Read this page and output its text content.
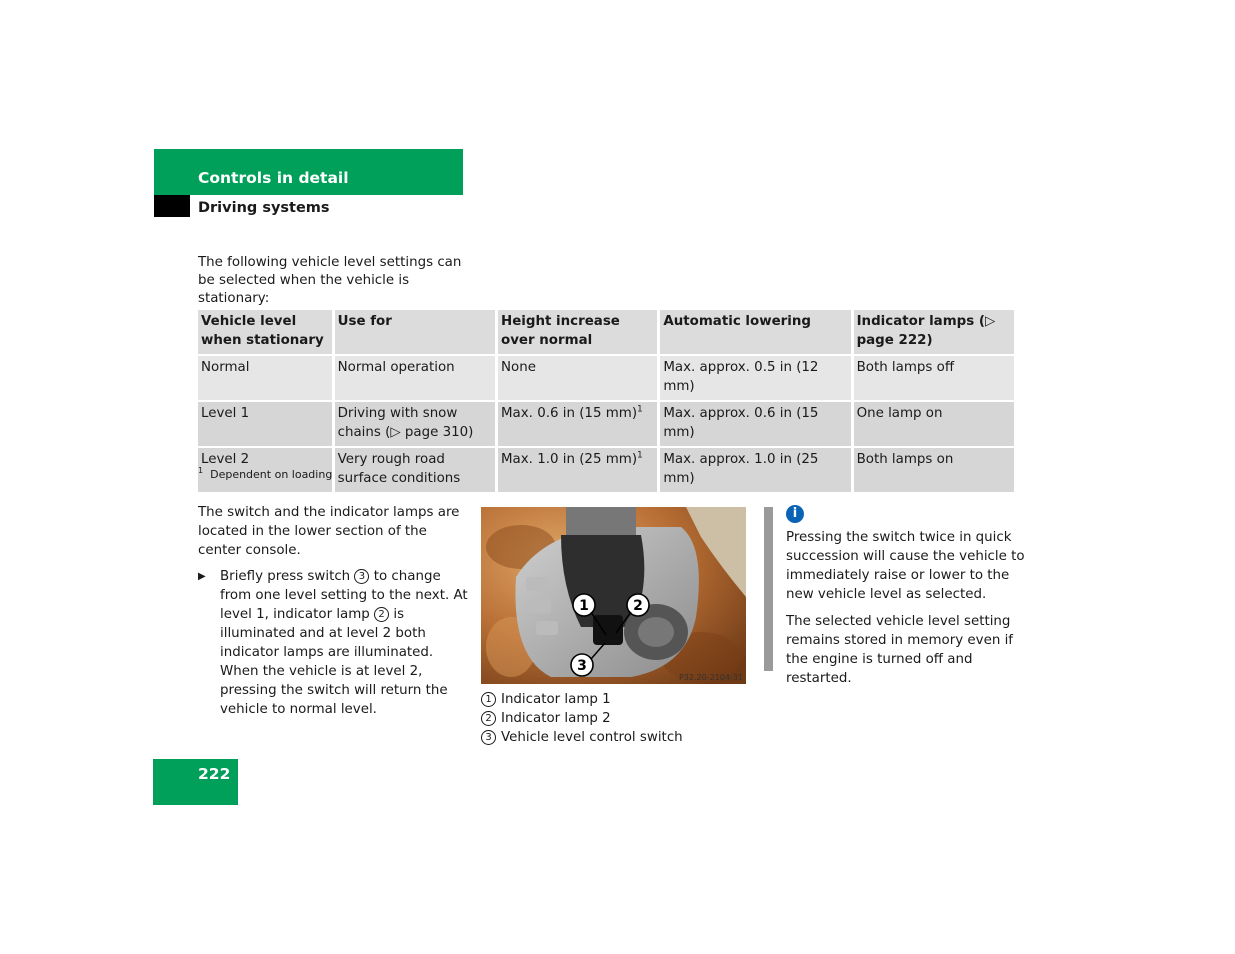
Controls in detail
Driving systems
The following vehicle level settings can be selected when the vehicle is stationary:
Vehicle level when stationary	Use for	Height increase over normal	Automatic lowering	Indicator lamps (▷ page 222)
Normal	Normal operation	None	Max. approx. 0.5 in (12 mm)	Both lamps off
Level 1	Driving with snow chains (▷ page 310)	Max. 0.6 in (15 mm)$^1$	Max. approx. 0.6 in (15 mm)	One lamp on
Level 2	Very rough road surface conditions	Max. 1.0 in (25 mm)$^1$	Max. approx. 1.0 in (25 mm)	Both lamps on
$^1$ Dependent on loading
The switch and the indicator lamps are located in the lower section of the center console.
▶ Briefly press switch 3 to change from one level setting to the next. At level 1, indicator lamp 2 is illuminated and at level 2 both indicator lamps are illuminated. When the vehicle is at level 2, pressing the switch will return the vehicle to normal level.
1	2
3
P32.20-2104-31
1 Indicator lamp 1
2 Indicator lamp 2
3 Vehicle level control switch
i

Pressing the switch twice in quick succession will cause the vehicle to immediately raise or lower to the new vehicle level as selected.

The selected vehicle level setting remains stored in memory even if the engine is turned off and restarted.

222
